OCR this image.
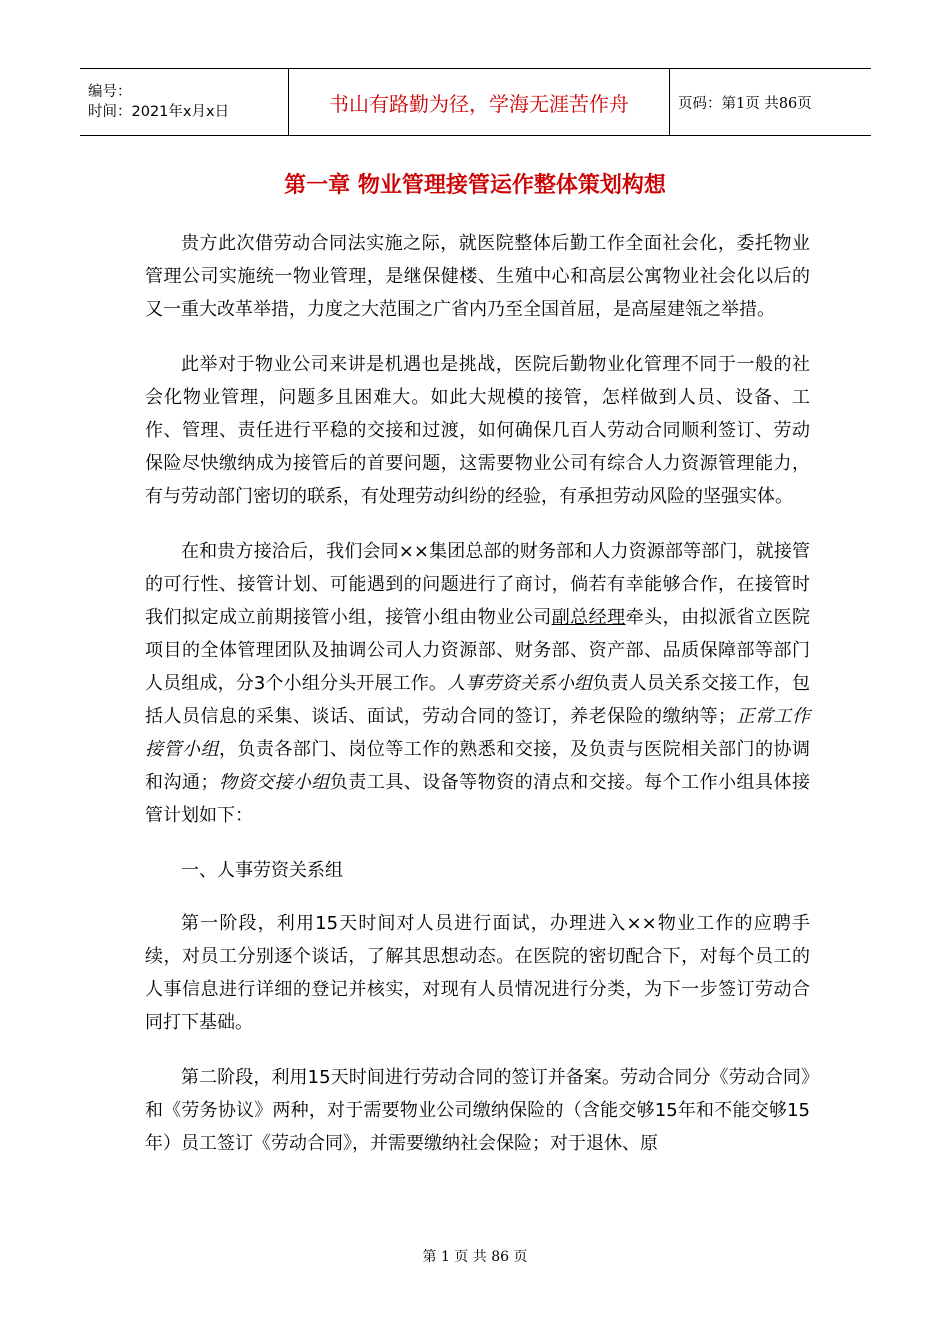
编号：
时间：2021年x月x日	书山有路勤为径，学海无涯苦作舟	页码：第1页 共86页
第一章 物业管理接管运作整体策划构想

贵方此次借劳动合同法实施之际，就医院整体后勤工作全面社会化，委托物业管理公司实施统一物业管理，是继保健楼、生殖中心和高层公寓物业社会化以后的又一重大改革举措，力度之大范围之广省内乃至全国首屈，是高屋建瓴之举措。

此举对于物业公司来讲是机遇也是挑战，医院后勤物业化管理不同于一般的社会化物业管理，问题多且困难大。如此大规模的接管，怎样做到人员、设备、工作、管理、责任进行平稳的交接和过渡，如何确保几百人劳动合同顺利签订、劳动保险尽快缴纳成为接管后的首要问题，这需要物业公司有综合人力资源管理能力，有与劳动部门密切的联系，有处理劳动纠纷的经验，有承担劳动风险的坚强实体。

在和贵方接洽后，我们会同××集团总部的财务部和人力资源部等部门，就接管的可行性、接管计划、可能遇到的问题进行了商讨，倘若有幸能够合作，在接管时我们拟定成立前期接管小组，接管小组由物业公司副总经理牵头，由拟派省立医院项目的全体管理团队及抽调公司人力资源部、财务部、资产部、品质保障部等部门人员组成，分3个小组分头开展工作。人事劳资关系小组负责人员关系交接工作，包括人员信息的采集、谈话、面试，劳动合同的签订，养老保险的缴纳等；正常工作接管小组，负责各部门、岗位等工作的熟悉和交接，及负责与医院相关部门的协调和沟通；物资交接小组负责工具、设备等物资的清点和交接。每个工作小组具体接管计划如下：

一、人事劳资关系组

第一阶段，利用15天时间对人员进行面试，办理进入××物业工作的应聘手续，对员工分别逐个谈话，了解其思想动态。在医院的密切配合下，对每个员工的人事信息进行详细的登记并核实，对现有人员情况进行分类，为下一步签订劳动合同打下基础。

第二阶段，利用15天时间进行劳动合同的签订并备案。劳动合同分《劳动合同》和《劳务协议》两种，对于需要物业公司缴纳保险的（含能交够15年和不能交够15年）员工签订《劳动合同》，并需要缴纳社会保险；对于退休、原

第 1 页 共 86 页
